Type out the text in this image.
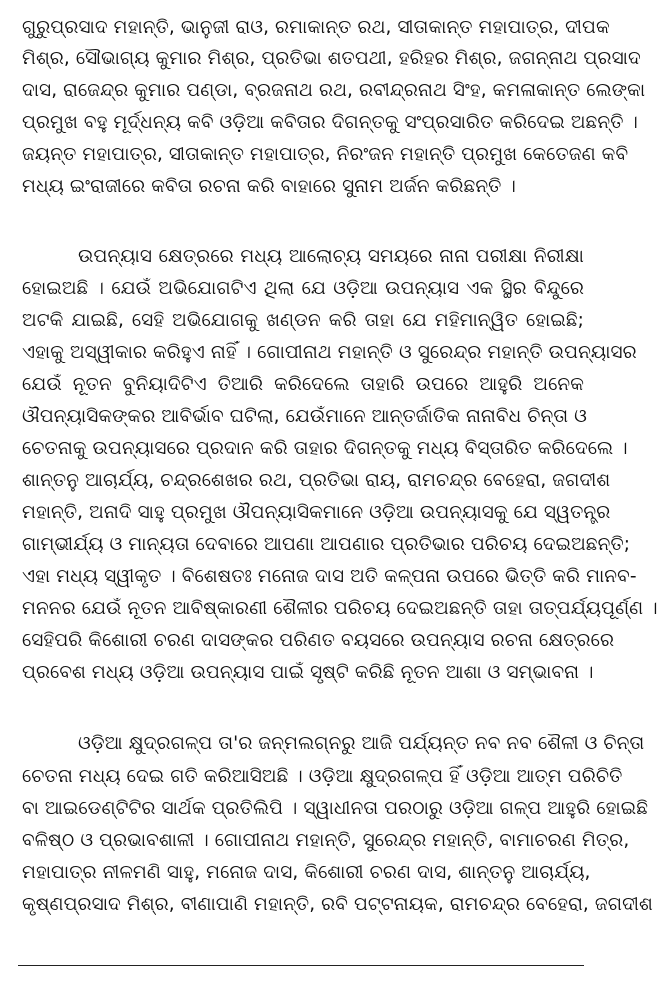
ଗୁରୁପ୍ରସାଦ ମହାନ୍ତି, ଭାନୁଜୀ ରାଓ, ରମାକାନ୍ତ ରଥ, ସୀତାକାନ୍ତ ମହାପାତ୍ର, ଦୀପକ
ମିଶ୍ର, ସୌଭାଗ୍ୟ କୁମାର ମିଶ୍ର, ପ୍ରତିଭା ଶତପଥୀ, ହରିହର ମିଶ୍ର, ଜଗନ୍ନାଥ ପ୍ରସାଦ
ଦାସ, ରାଜେନ୍ଦ୍ର କୁମାର ପଣ୍ଡା, ବ୍ରଜନାଥ ରଥ, ରବୀନ୍ଦ୍ରନାଥ ସିଂହ, କମଳାକାନ୍ତ ଲେଙ୍କା
ପ୍ରମୁଖ ବହୁ ମୂର୍ଦ୍ଧନ୍ୟ କବି ଓଡ଼ିଆ କବିତାର ଦିଗନ୍ତକୁ ସଂପ୍ରସାରିତ କରିଦେଇ ଅଛନ୍ତି ।
ଜୟନ୍ତ ମହାପାତ୍ର, ସୀତାକାନ୍ତ ମହାପାତ୍ର, ନିରଂଜନ ମହାନ୍ତି ପ୍ରମୁଖ କେତେଜଣ କବି
ମଧ୍ୟ ଇଂରାଜୀରେ କବିତା ରଚନା କରି ବାହାରେ ସୁନାମ ଅର୍ଜନ କରିଛନ୍ତି ।
ଉପନ୍ୟାସ କ୍ଷେତ୍ରରେ ମଧ୍ୟ ଆଲୋଚ୍ୟ ସମୟରେ ନାନା ପରୀକ୍ଷା ନିରୀକ୍ଷା
ହୋଇଅଛି । ଯେଉଁ ଅଭିଯୋଗଟିଏ ଥିଲା ଯେ ଓଡ଼ିଆ ଉପନ୍ୟାସ ଏକ ସ୍ଥିର ବିନ୍ଦୁରେ
ଅଟକି ଯାଇଛି, ସେହି ଅଭିଯୋଗକୁ ଖଣ୍ଡନ କରି ତାହା ଯେ ମହିମାନ୍ୱିତ ହୋଇଛି;
ଏହାକୁ ଅସ୍ୱୀକାର କରିହୁଏ ନାହିଁ । ଗୋପୀନାଥ ମହାନ୍ତି ଓ ସୁରେନ୍ଦ୍ର ମହାନ୍ତି ଉପନ୍ୟାସର
ଯେଉଁ ନୂତନ ବୁନିୟାଦିଟିଏ ତିଆରି କରିଦେଲେ ତାହାରି ଉପରେ ଆହୁରି ଅନେକ
ଔପନ୍ୟାସିକଙ୍କର ଆବିର୍ଭାବ ଘଟିଲା, ଯେଉଁମାନେ ଆନ୍ତର୍ଜାତିକ ନାନାବିଧ ଚିନ୍ତା ଓ
ଚେତନାକୁ ଉପନ୍ୟାସରେ ପ୍ରଦାନ କରି ତାହାର ଦିଗନ୍ତକୁ ମଧ୍ୟ ବିସ୍ତାରିତ କରିଦେଲେ ।
ଶାନ୍ତନୁ ଆଚାର୍ଯ୍ୟ, ଚନ୍ଦ୍ରଶେଖର ରଥ, ପ୍ରତିଭା ରାୟ, ରାମଚନ୍ଦ୍ର ବେହେରା, ଜଗଦୀଶ
ମହାନ୍ତି, ଅନାଦି ସାହୁ ପ୍ରମୁଖ ଔପନ୍ୟାସିକମାନେ ଓଡ଼ିଆ ଉପନ୍ୟାସକୁ ଯେ ସ୍ୱତନ୍ତ୍ର
ଗାମ୍ଭୀର୍ଯ୍ୟ ଓ ମାନ୍ୟତା ଦେବାରେ ଆପଣା ଆପଣାର ପ୍ରତିଭାର ପରିଚୟ ଦେଇଅଛନ୍ତି;
ଏହା ମଧ୍ୟ ସ୍ୱୀକୃତ । ବିଶେଷତଃ ମନୋଜ ଦାସ ଅତି କଳ୍ପନା ଉପରେ ଭିତ୍ତି କରି ମାନବ-
ମନନର ଯେଉଁ ନୂତନ ଆବିଷ୍କାରଣୀ ଶୈଳୀର ପରିଚୟ ଦେଇଅଛନ୍ତି ତାହା ତାତ୍ପର୍ଯ୍ୟପୂର୍ଣ୍ଣ ।
ସେହିପରି କିଶୋରୀ ଚରଣ ଦାସଙ୍କର ପରିଣତ ବୟସରେ ଉପନ୍ୟାସ ରଚନା କ୍ଷେତ୍ରରେ
ପ୍ରବେଶ ମଧ୍ୟ ଓଡ଼ିଆ ଉପନ୍ୟାସ ପାଇଁ ସୃଷ୍ଟି କରିଛି ନୂତନ ଆଶା ଓ ସମ୍ଭାବନା ।
ଓଡ଼ିଆ କ୍ଷୁଦ୍ରଗଳ୍ପ ତା'ର ଜନ୍ମଲଗ୍ନରୁ ଆଜି ପର୍ଯ୍ୟନ୍ତ ନବ ନବ ଶୈଳୀ ଓ ଚିନ୍ତା
ଚେତନା ମଧ୍ୟ ଦେଇ ଗତି କରିଆସିଅଛି । ଓଡ଼ିଆ କ୍ଷୁଦ୍ରଗଳ୍ପ ହିଁ ଓଡ଼ିଆ ଆତ୍ମ ପରିଚିତି
ବା ଆଇଡେଣ୍ଟିଟିର ସାର୍ଥକ ପ୍ରତିଲିପି । ସ୍ୱାଧୀନତା ପରଠାରୁ ଓଡ଼ିଆ ଗଳ୍ପ ଆହୁରି ହୋଇଛି
ବଳିଷ୍ଠ ଓ ପ୍ରଭାବଶାଳୀ । ଗୋପୀନାଥ ମହାନ୍ତି, ସୁରେନ୍ଦ୍ର ମହାନ୍ତି, ବାମାଚରଣ ମିତ୍ର,
ମହାପାତ୍ର ନୀଳମଣି ସାହୁ, ମନୋଜ ଦାସ, କିଶୋରୀ ଚରଣ ଦାସ, ଶାନ୍ତନୁ ଆଚାର୍ଯ୍ୟ,
କୃଷ୍ଣପ୍ରସାଦ ମିଶ୍ର, ବୀଣାପାଣି ମହାନ୍ତି, ରବି ପଟ୍ଟନାୟକ, ରାମଚନ୍ଦ୍ର ବେହେରା, ଜଗଦୀଶ
